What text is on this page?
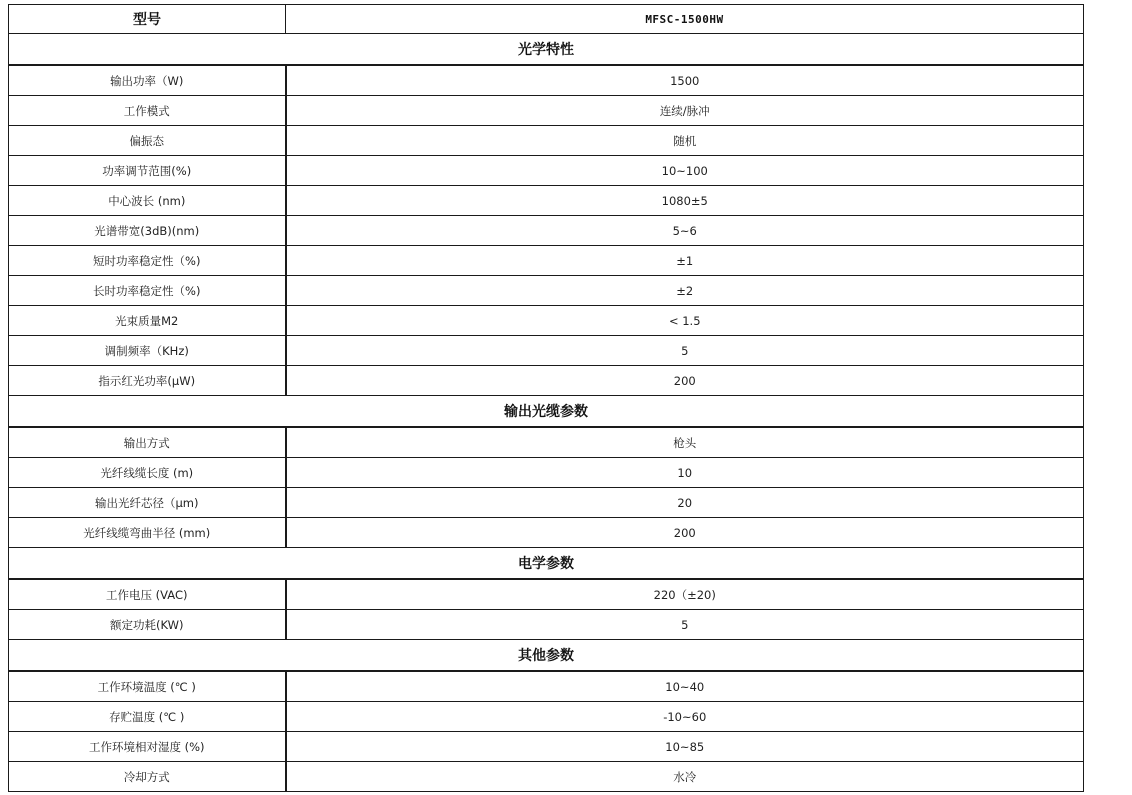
型号	MFSC-1500HW
光学特性	
输出功率（W)	1500
工作模式	连续/脉冲
偏振态	随机
功率调节范围(%)	10~100
中心波长 (nm)	1080±5
光谱带宽(3dB)(nm)	5~6
短时功率稳定性（%)	±1
长时功率稳定性（%)	±2
光束质量M2	< 1.5
调制频率（KHz)	5
指示红光功率(μW)	200
输出光缆参数	
输出方式	枪头
光纤线缆长度 (m)	10
输出光纤芯径（μm)	20
光纤线缆弯曲半径 (mm)	200
电学参数	
工作电压 (VAC)	220（±20)
额定功耗(KW)	5
其他参数	
工作环境温度 (℃ )	10~40
存贮温度 (℃ )	-10~60
工作环境相对湿度 (%)	10~85
冷却方式	水冷
